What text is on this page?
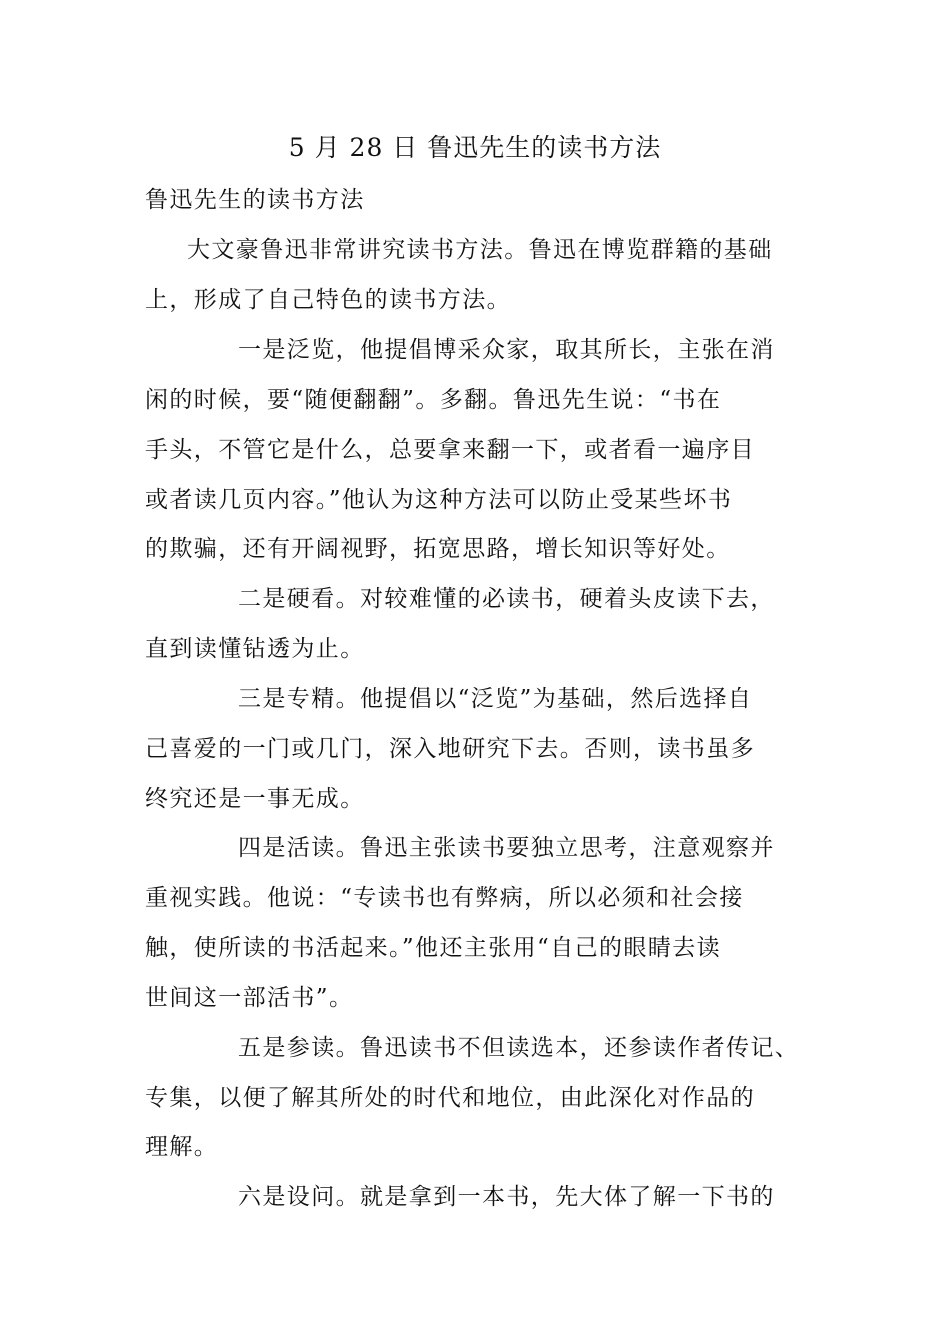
5 月 28 日 鲁迅先生的读书方法
鲁迅先生的读书方法
大文豪鲁迅非常讲究读书方法。鲁迅在博览群籍的基础
上，形成了自己特色的读书方法。
一是泛览，他提倡博采众家，取其所长，主张在消
闲的时候，要“随便翻翻”。多翻。鲁迅先生说：“书在
手头，不管它是什么，总要拿来翻一下，或者看一遍序目
或者读几页内容。”他认为这种方法可以防止受某些坏书
的欺骗，还有开阔视野，拓宽思路，增长知识等好处。
二是硬看。对较难懂的必读书，硬着头皮读下去，
直到读懂钻透为止。
三是专精。他提倡以“泛览”为基础，然后选择自
己喜爱的一门或几门，深入地研究下去。否则，读书虽多
终究还是一事无成。
四是活读。鲁迅主张读书要独立思考，注意观察并
重视实践。他说：“专读书也有弊病，所以必须和社会接
触，使所读的书活起来。”他还主张用“自己的眼睛去读
世间这一部活书”。
五是参读。鲁迅读书不但读选本，还参读作者传记、
专集，以便了解其所处的时代和地位，由此深化对作品的
理解。
六是设问。就是拿到一本书，先大体了解一下书的
